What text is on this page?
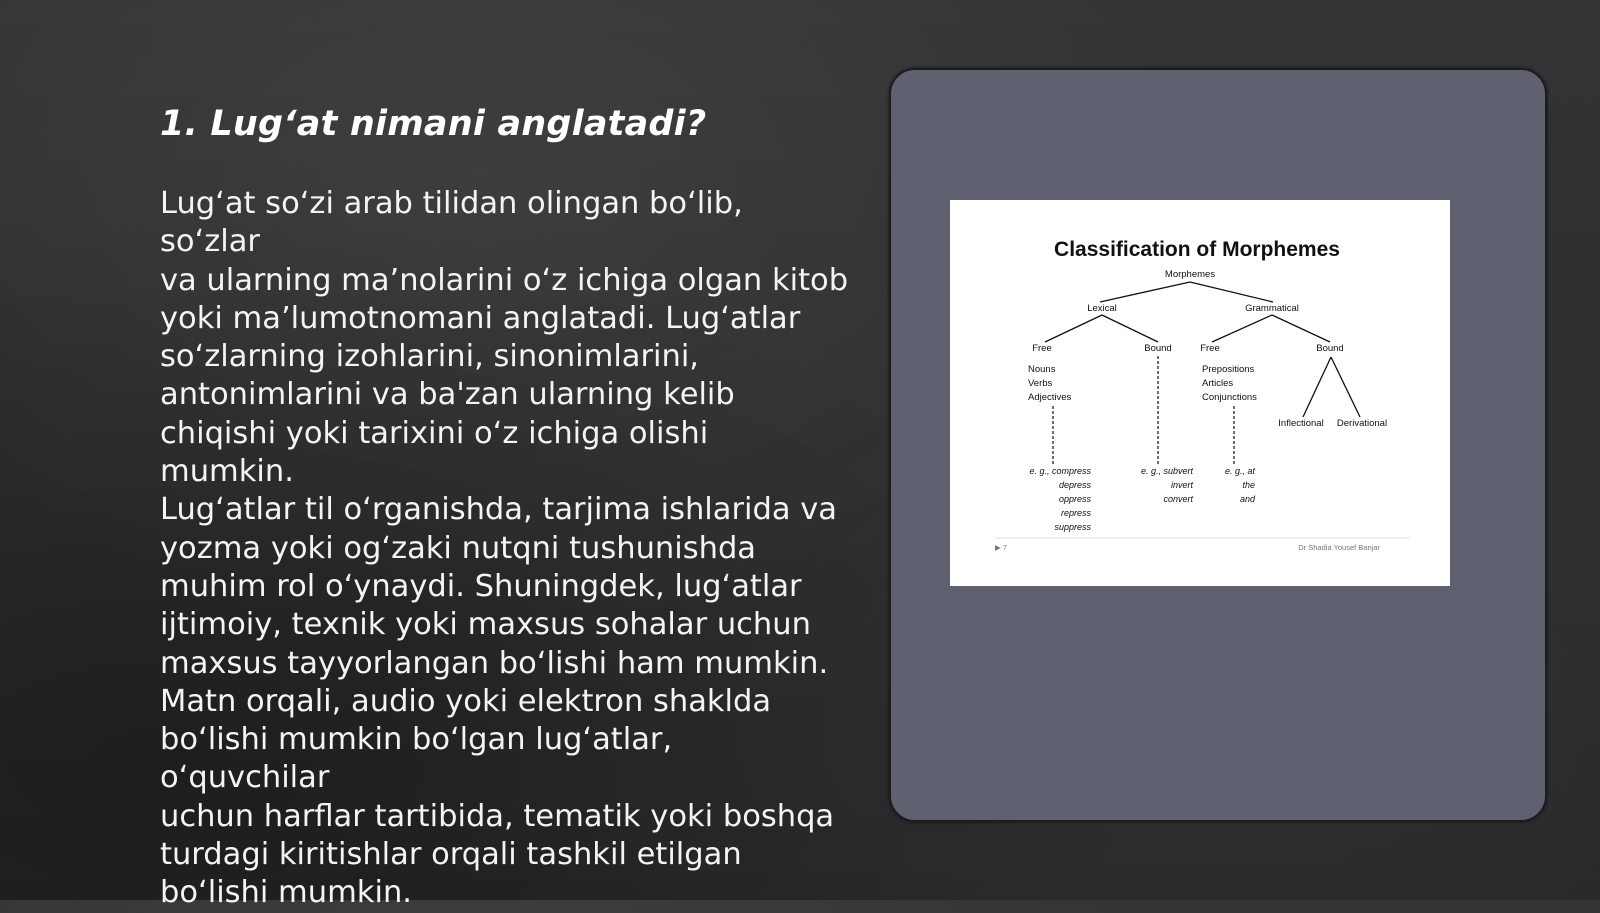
1. Lug‘at nimani anglatadi?
Lug‘at so‘zi arab tilidan olingan bo‘lib, so‘zlar
va ularning ma’nolarini o‘z ichiga olgan kitob
yoki ma’lumotnomani anglatadi. Lug‘atlar
so‘zlarning izohlarini, sinonimlarini,
antonimlarini va ba'zan ularning kelib
chiqishi yoki tarixini o‘z ichiga olishi mumkin.
Lug‘atlar til o‘rganishda, tarjima ishlarida va
yozma yoki og‘zaki nutqni tushunishda
muhim rol o‘ynaydi. Shuningdek, lug‘atlar
ijtimoiy, texnik yoki maxsus sohalar uchun
maxsus tayyorlangan bo‘lishi ham mumkin.
Matn orqali, audio yoki elektron shaklda
bo‘lishi mumkin bo‘lgan lug‘atlar, o‘quvchilar
uchun harflar tartibida, tematik yoki boshqa
turdagi kiritishlar orqali tashkil etilgan
bo‘lishi mumkin.
Classification of Morphemes
Morphemes
Lexical	Grammatical
Free	Bound	Free	Bound
Nouns
Verbs
Adjectives
Prepositions
Articles
Conjunctions
Inflectional Derivational
e. g., compress
depress
oppress
repress
suppress
e. g., subvert
invert
convert
e. g., at
the
and
▶ 7	Dr Shadia Yousef Banjar
